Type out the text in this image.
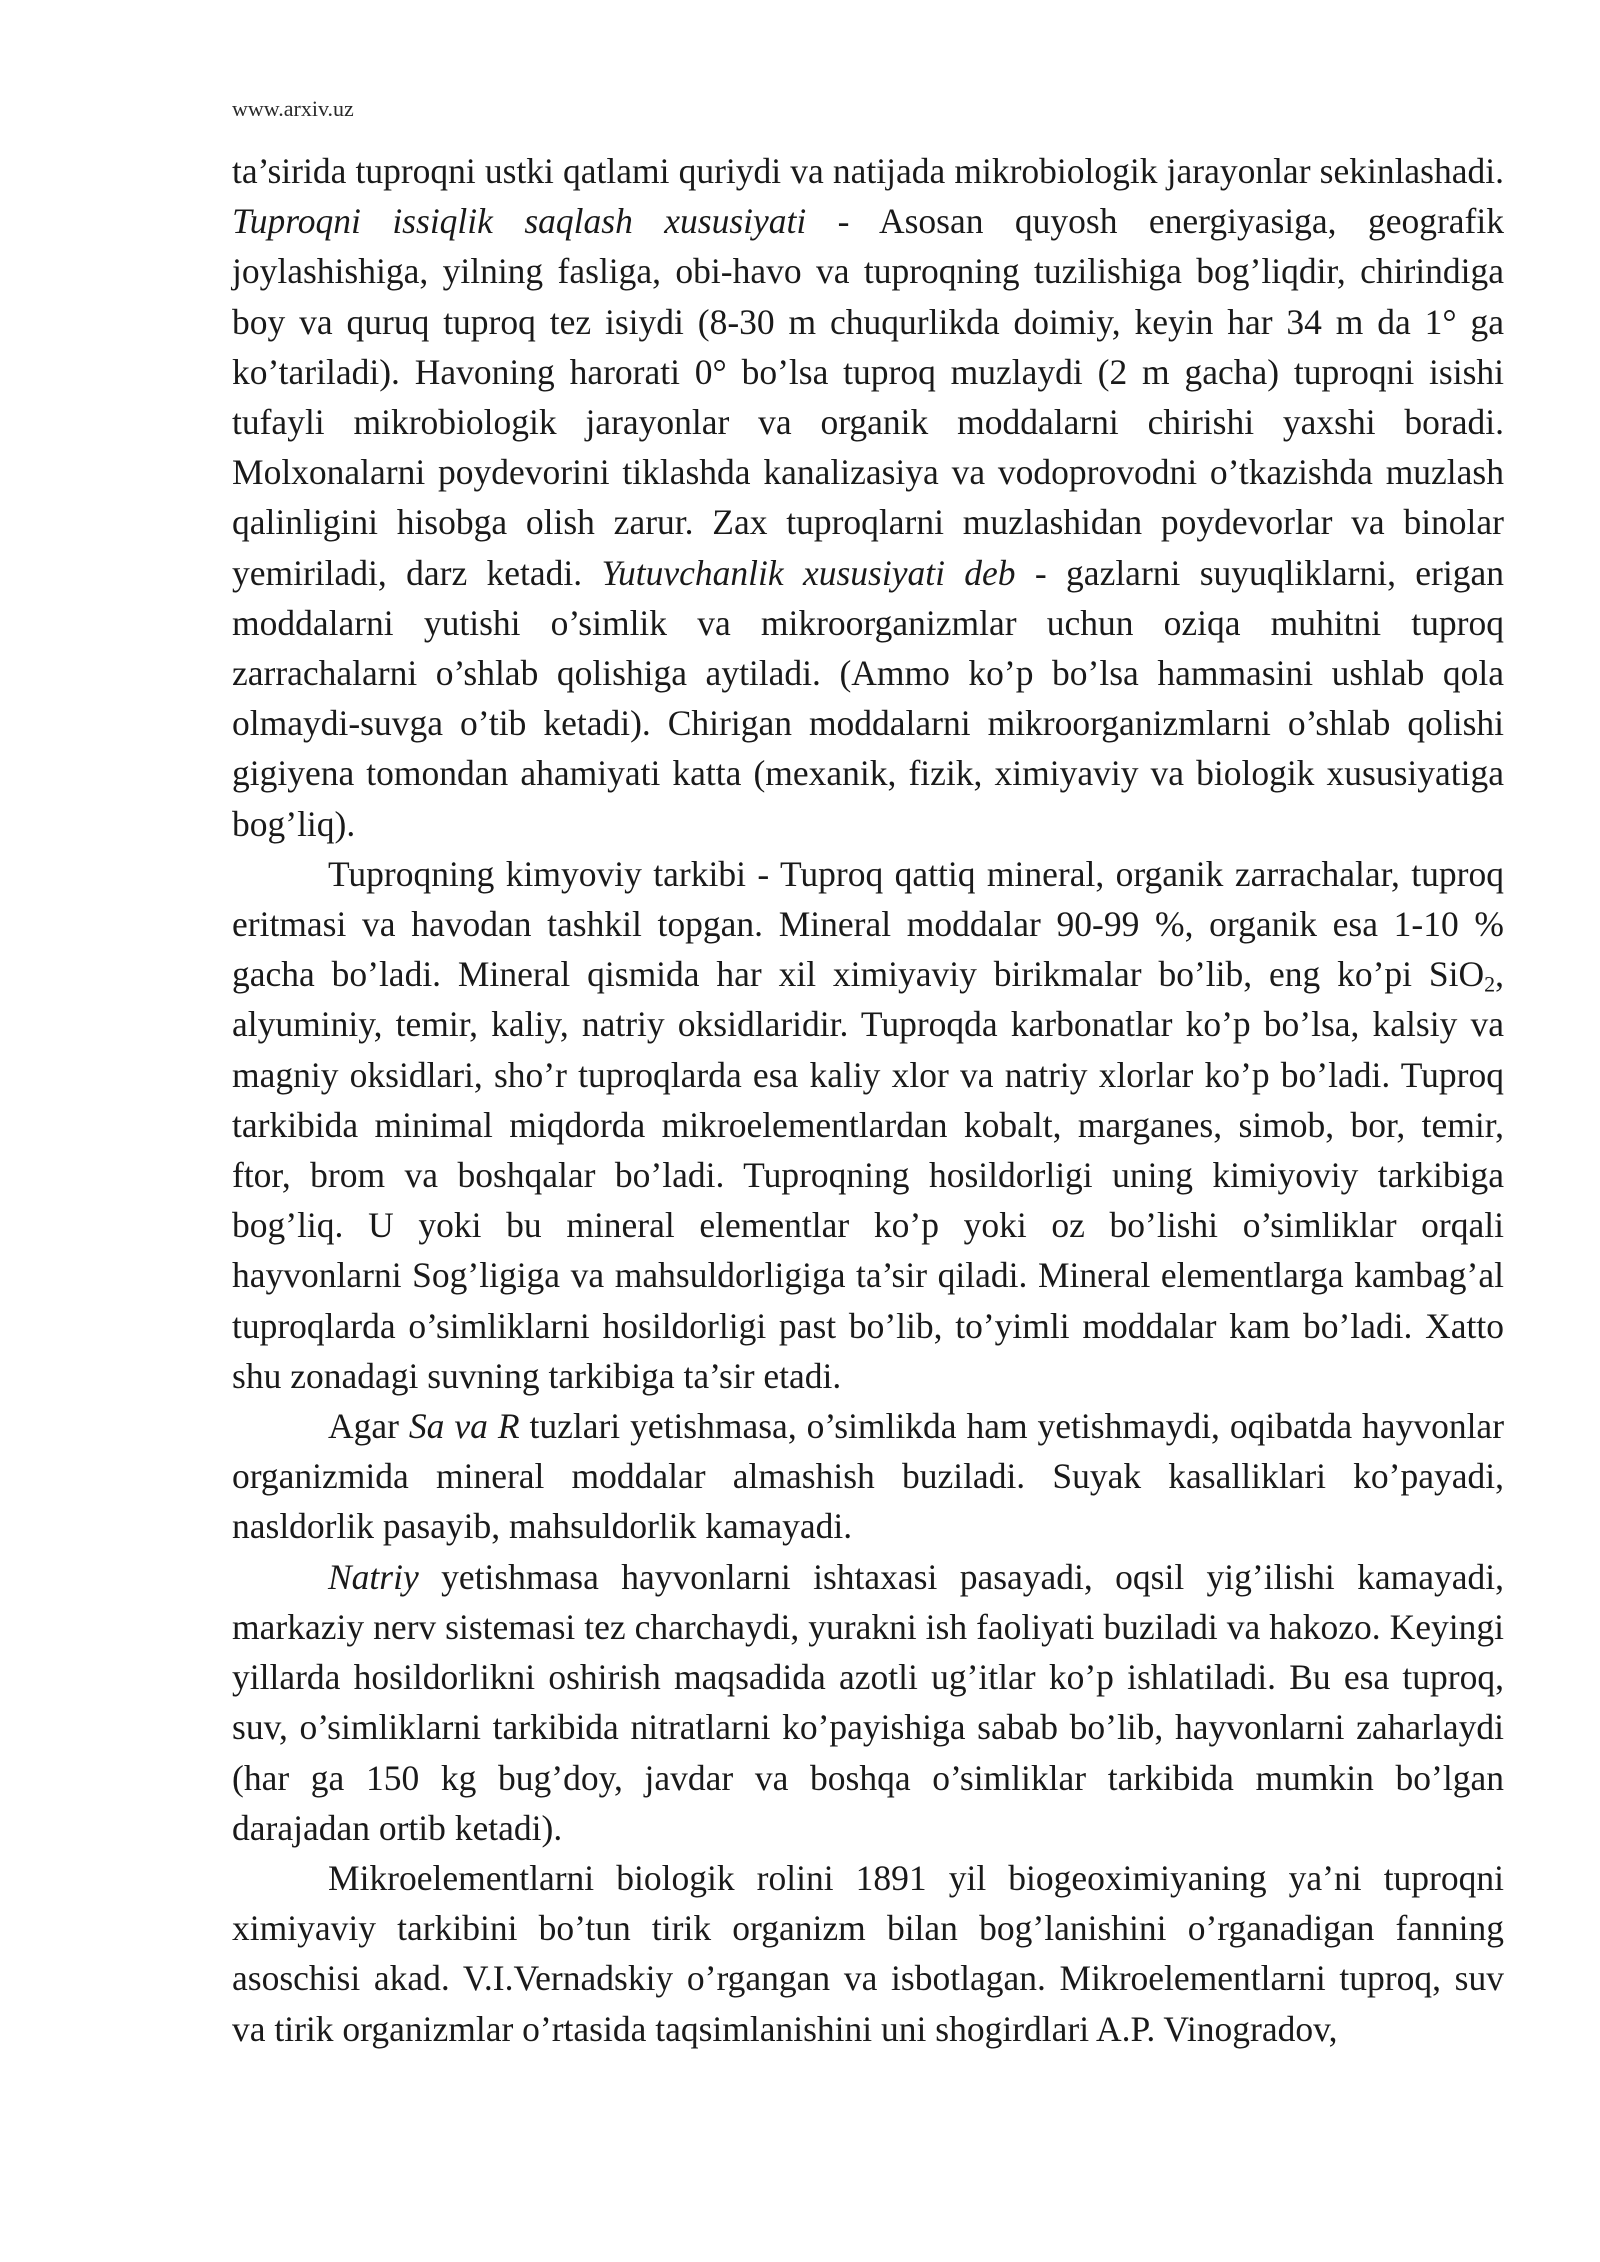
www.arxiv.uz

ta’sirida tuproqni ustki qatlami quriydi va natijada mikrobiologik jarayonlar sekinlashadi. Tuproqni issiqlik saqlash xususiyati - Asosan quyosh energiyasiga, geografik joylashishiga, yilning fasliga, obi-havo va tuproqning tuzilishiga bog’liqdir, chirindiga boy va quruq tuproq tez isiydi (8-30 m chuqurlikda doimiy, keyin har 34 m da 1° ga ko’tariladi). Havoning harorati 0° bo’lsa tuproq muzlaydi (2 m gacha) tuproqni isishi tufayli mikrobiologik jarayonlar va organik moddalarni chirishi yaxshi boradi. Molxonalarni poydevorini tiklashda kanalizasiya va vodoprovodni o’tkazishda muzlash qalinligini hisobga olish zarur. Zax tuproqlarni muzlashidan poydevorlar va binolar yemiriladi, darz ketadi. Yutuvchanlik xususiyati deb - gazlarni suyuqliklarni, erigan moddalarni yutishi o’simlik va mikroorganizmlar uchun oziqa muhitni tuproq zarrachalarni o’shlab qolishiga aytiladi. (Ammo ko’p bo’lsa hammasini ushlab qola olmaydi-suvga o’tib ketadi). Chirigan moddalarni mikroorganizmlarni o’shlab qolishi gigiyena tomondan ahamiyati katta (mexanik, fizik, ximiyaviy va biologik xususiyatiga bog’liq).

Tuproqning kimyoviy tarkibi - Tuproq qattiq mineral, organik zarrachalar, tuproq eritmasi va havodan tashkil topgan. Mineral moddalar 90-99 %, organik esa 1-10 % gacha bo’ladi. Mineral qismida har xil ximiyaviy birikmalar bo’lib, eng ko’pi SiO$_2$, alyuminiy, temir, kaliy, natriy oksidlaridir. Tuproqda karbonatlar ko’p bo’lsa, kalsiy va magniy oksidlari, sho’r tuproqlarda esa kaliy xlor va natriy xlorlar ko’p bo’ladi. Tuproq tarkibida minimal miqdorda mikroelementlardan kobalt, marganes, simob, bor, temir, ftor, brom va boshqalar bo’ladi. Tuproqning hosildorligi uning kimiyoviy tarkibiga bog’liq. U yoki bu mineral elementlar ko’p yoki oz bo’lishi o’simliklar orqali hayvonlarni Sog’ligiga va mahsuldorligiga ta’sir qiladi. Mineral elementlarga kambag’al tuproqlarda o’simliklarni hosildorligi past bo’lib, to’yimli moddalar kam bo’ladi. Xatto shu zonadagi suvning tarkibiga ta’sir etadi.

Agar Sa va R tuzlari yetishmasa, o’simlikda ham yetishmaydi, oqibatda hayvonlar organizmida mineral moddalar almashish buziladi. Suyak kasalliklari ko’payadi, nasldorlik pasayib, mahsuldorlik kamayadi.

Natriy yetishmasa hayvonlarni ishtaxasi pasayadi, oqsil yig’ilishi kamayadi, markaziy nerv sistemasi tez charchaydi, yurakni ish faoliyati buziladi va hakozo. Keyingi yillarda hosildorlikni oshirish maqsadida azotli ug’itlar ko’p ishlatiladi. Bu esa tuproq, suv, o’simliklarni tarkibida nitratlarni ko’payishiga sabab bo’lib, hayvonlarni zaharlaydi (har ga 150 kg bug’doy, javdar va boshqa o’simliklar tarkibida mumkin bo’lgan darajadan ortib ketadi).

Mikroelementlarni biologik rolini 1891 yil biogeoximiyaning ya’ni tuproqni ximiyaviy tarkibini bo’tun tirik organizm bilan bog’lanishini o’rganadigan fanning asoschisi akad. V.I.Vernadskiy o’rgangan va isbotlagan. Mikroelementlarni tuproq, suv va tirik organizmlar o’rtasida taqsimlanishini uni shogirdlari A.P. Vinogradov,
